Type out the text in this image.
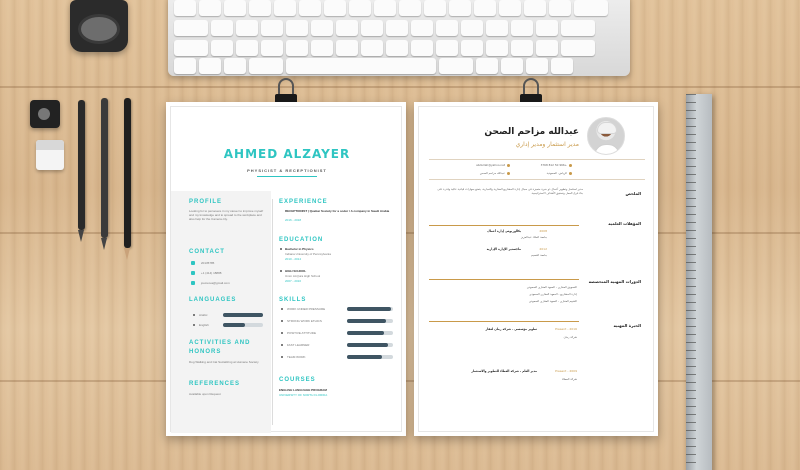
AHMED ALZAYER
PHYSICIST & RECEPTIONIST
PROFILE
Looking for to persevere in my career to improve myself and my knowledge and to spread to the workplace and also help for the Camera city.
CONTACT
20135785
+1 (414) 18888
jouzexua@gmail.com
LANGUAGES
Arabic
English
ACTIVITIES AND
HONORS
Dog Walking and Cat Socializing at Humane Society
REFERENCES
Available upon Request
EXPERIENCE
RECEPTIONIST | Quebar Society for a ooder / A company in Saudi Arabia
2016 - 2018
EDUCATION
Bachelor in Physics
Indiana University of Pennsylvania
2010 - 2014
HIGH SCHOOL
Umm Al-Qura High School
2007 - 2010
SKILLS
COURSES
ENGLISH LANGUAGE PROGRAM
UNIVERSITY OF NORTH FLORIDA
WORK UNDER PRESSURE
STRONG WORK ETHICS
POSITIVE ATTITUDE
FAST LEARNER
TEAM WORK
عبدالله مزاحم الصحن
مدير استثمار ومدير إداري
+966 50 812 3768
abdullah@yahoo.net
الرياض، السعودية
عبدالله مزاحم الصحن
الملخص
مدير استثمار وتطوير أعمال ذو خبرة متميزة في مجال إدارة المشاريع العقارية والتجارية، يتمتع بمهارات قيادية عالية وقدرة على بناء فرق العمل وتحقيق الأهداف الاستراتيجية.
المؤهلات العلمية
2008
بكالوريوس إدارة أعمال
جامعة الملك عبدالعزيز
2012
ماجستير الإدارة الإدارية
جامعة القصيم
الدورات المهنية المتخصصة
التسويق العقاري - المعهد العقاري السعودي
إدارة المشاريع - المعهد العقاري السعودي
التقييم العقاري - المعهد العقاري السعودي
الخبرة المهنية
2016 - Present
تطوير مؤسسي - شركة رمان لعقار
شركة رمان
2009 - Present
مدير العام - شركة العطاء للتطوير والاستثمار
شركة العطاء
